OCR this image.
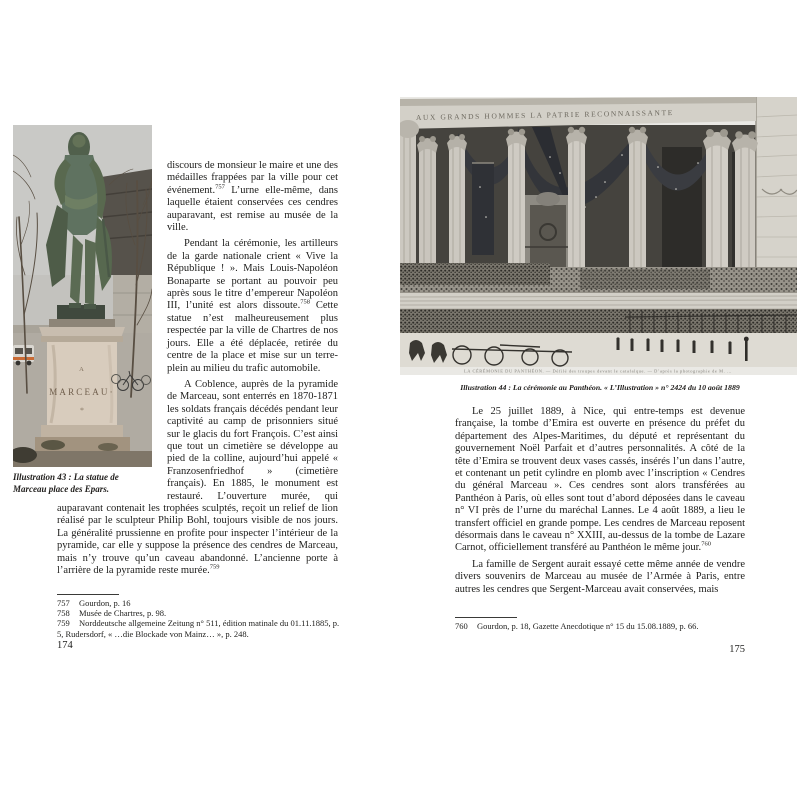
A
MARCEAU·
*
Illustration 43 : La statue de
Marceau place des Epars.

discours de monsieur le maire et une des médailles frappées par la ville pour cet événement.$^{757}$ L’urne elle-même, dans laquelle étaient conservées ces cendres auparavant, est remise au musée de la ville.

Pendant la cérémonie, les artilleurs de la garde nationale crient « Vive la République ! ». Mais Louis-Napoléon Bonaparte se portant au pouvoir peu après sous le titre d’empereur Napoléon III, l’unité est alors dissoute.$^{758}$ Cette statue n’est malheureusement plus respectée par la ville de Chartres de nos jours. Elle a été déplacée, retirée du centre de la place et mise sur un terre-plein au milieu du trafic automobile.

A Coblence, auprès de la pyramide de Marceau, sont enterrés en 1870-1871 les soldats français décédés pendant leur captivité au camp de prisonniers situé sur le glacis du fort François. C’est ainsi que tout un cimetière se développe au pied de la colline, aujourd’hui appelé « Franzosenfriedhof » (cimetière français). En 1885, le monument est restauré. L’ouverture murée, qui auparavant contenait les trophées sculptés, reçoit un relief de lion réalisé par le sculpteur Philip Bohl, toujours visible de nos jours. La généralité prussienne en profite pour inspecter l’intérieur de la pyramide, car elle y suppose la présence des cendres de Marceau, mais n’y trouve qu’un caveau abandonné. L’ancienne porte à l’arrière de la pyramide reste murée.$^{759}$

757 Gourdon, p. 16
758 Musée de Chartres, p. 98.
759 Norddeutsche allgemeine Zeitung n° 511, édition matinale du 01.11.1885, p. 5, Rudersdorf, « …die Blockade von Mainz… », p. 248.
174
AUX GRANDS HOMMES LA PATRIE RECONNAISSANTE
LA CÉRÉMONIE DU PANTHÉON. — Défilé des troupes devant le catafalque. — D’après la photographie de M. …
Illustration 44 : La cérémonie au Panthéon. « L’Illustration » n° 2424 du 10 août 1889

Le 25 juillet 1889, à Nice, qui entre-temps est devenue française, la tombe d’Emira est ouverte en présence du préfet du département des Alpes-Maritimes, du député et représentant du gouvernement Noël Parfait et d’autres personnalités. A côté de la tête d’Emira se trouvent deux vases cassés, insérés l’un dans l’autre, et contenant un petit cylindre en plomb avec l’inscription « Cendres du général Marceau ». Ces cendres sont alors transférées au Panthéon à Paris, où elles sont tout d’abord déposées dans le caveau n° VI près de l’urne du maréchal Lannes. Le 4 août 1889, a lieu le transfert officiel en grande pompe. Les cendres de Marceau reposent désormais dans le caveau n° XXIII, au-dessus de la tombe de Lazare Carnot, officiellement transféré au Panthéon le même jour.$^{760}$

La famille de Sergent aurait essayé cette même année de vendre divers souvenirs de Marceau au musée de l’Armée à Paris, entre autres les cendres que Sergent-Marceau avait conservées, mais

760 Gourdon, p. 18, Gazette Anecdotique n° 15 du 15.08.1889, p. 66.
175
